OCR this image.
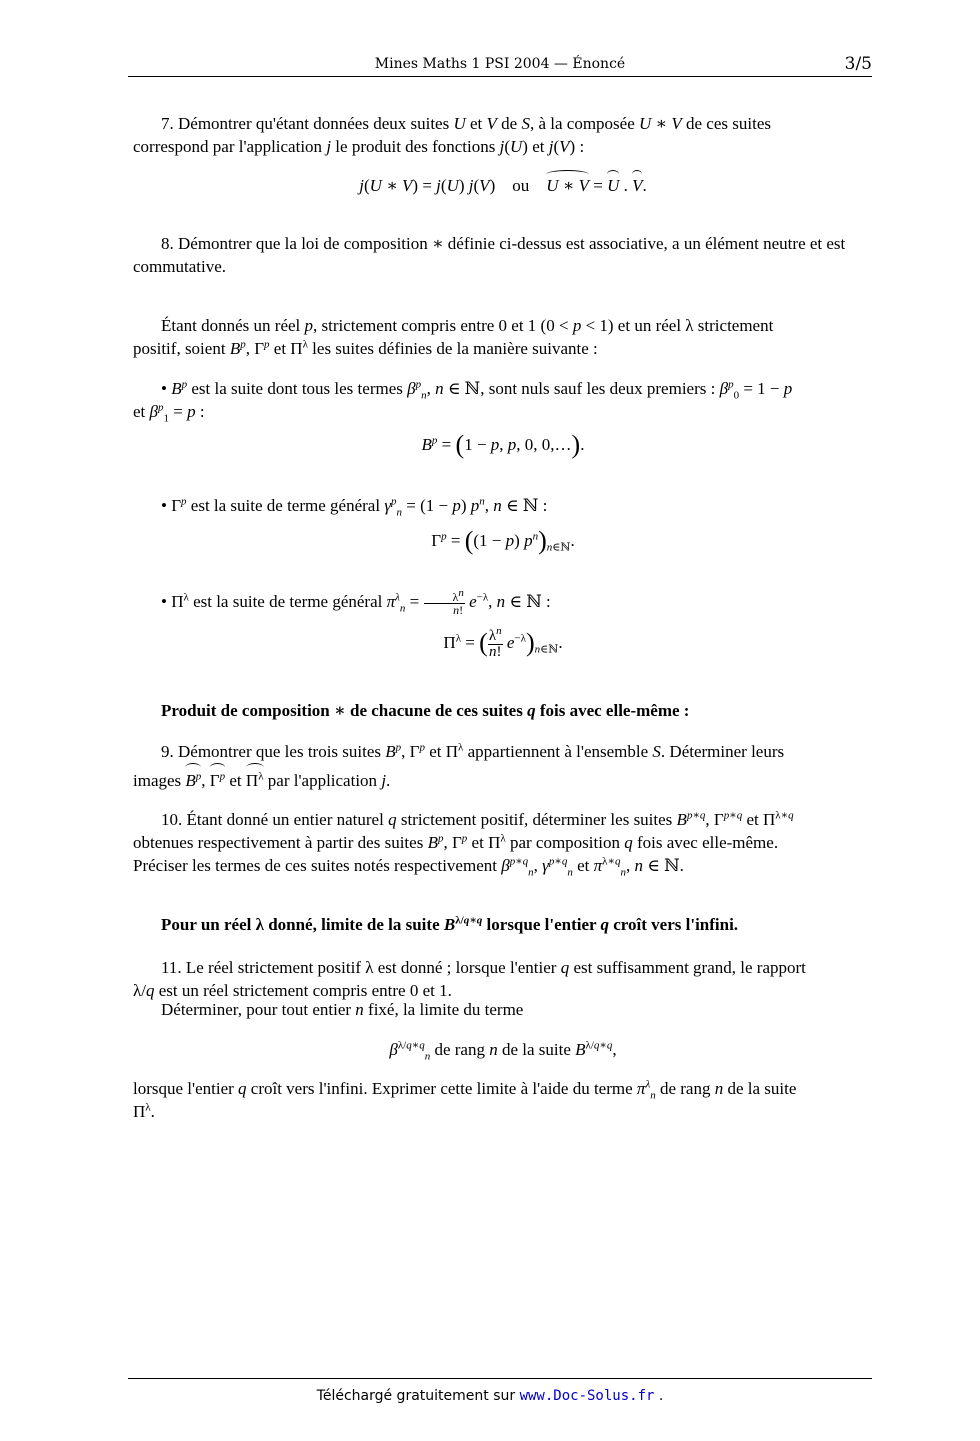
Mines Maths 1 PSI 2004 — Énoncé	3/5
7. Démontrer qu'étant données deux suites U et V de S, à la composée U ∗ V de ces suites
correspond par l'application j le produit des fonctions j(U) et j(V) :
j(U ∗ V) = j(U) j(V)    ou    U ∗ V = U . V.
8. Démontrer que la loi de composition ∗ définie ci-dessus est associative, a un élément neutre et est commutative.
Étant donnés un réel p, strictement compris entre 0 et 1 (0 < p < 1) et un réel λ strictement
positif, soient $B^p$, $\Gamma^p$ et $\Pi^\lambda$ les suites définies de la manière suivante :
• $B^p$ est la suite dont tous les termes $\beta^p_n$, n ∈ ℕ, sont nuls sauf les deux premiers : $\beta^p_0 = 1 - p$
et $\beta^p_1 = p$ :
$B^p = (1 - p$, p, 0, 0,…).
• $\Gamma^p$ est la suite de terme général $\gamma^p_n = (1 - p)$ $p^n$, n ∈ ℕ :
$\Gamma^p = ((1 - p)$ $p^n)_{n\in ℕ}$.
• $\Pi^\lambda$ est la suite de terme général $\pi^\lambda_n = \frac{\lambda^n}{n!} e^{-\lambda}$, n ∈ ℕ :
$\Pi^\lambda$ = ( $\frac{\lambda^n}{n!} e^{-\lambda})_{n\in ℕ}$.
Produit de composition ∗ de chacune de ces suites q fois avec elle-même :
9. Démontrer que les trois suites $B^p$, $\Gamma^p$ et $\Pi^\lambda$ appartiennent à l'ensemble S. Déterminer leurs
images $B^p$, $\Gamma^p$ et $\Pi^\lambda$ par l'application j.
10. Étant donné un entier naturel q strictement positif, déterminer les suites $B^{p∗q}$, $\Gamma^{p∗q}$ et $\Pi^{\lambda∗q}$
obtenues respectivement à partir des suites $B^p$, $\Gamma^p$ et $\Pi^\lambda$ par composition q fois avec elle-même.
Préciser les termes de ces suites notés respectivement $\beta^{p∗q}_n$, $\gamma^{p∗q}_n$ et $\pi^{\lambda∗q}_n$, n ∈ ℕ.
Pour un réel λ donné, limite de la suite $B^{\lambda/q∗q}$ lorsque l'entier q croît vers l'infini.
11. Le réel strictement positif λ est donné ; lorsque l'entier q est suffisamment grand, le rapport
λ/q est un réel strictement compris entre 0 et 1.
Déterminer, pour tout entier n fixé, la limite du terme
$\beta^{\lambda/q∗q}_n$ de rang n de la suite $B^{\lambda/q∗q}$,
lorsque l'entier q croît vers l'infini. Exprimer cette limite à l'aide du terme $\pi^\lambda_n$ de rang n de la suite
$\Pi^\lambda$.
Téléchargé gratuitement sur www.Doc-Solus.fr .
